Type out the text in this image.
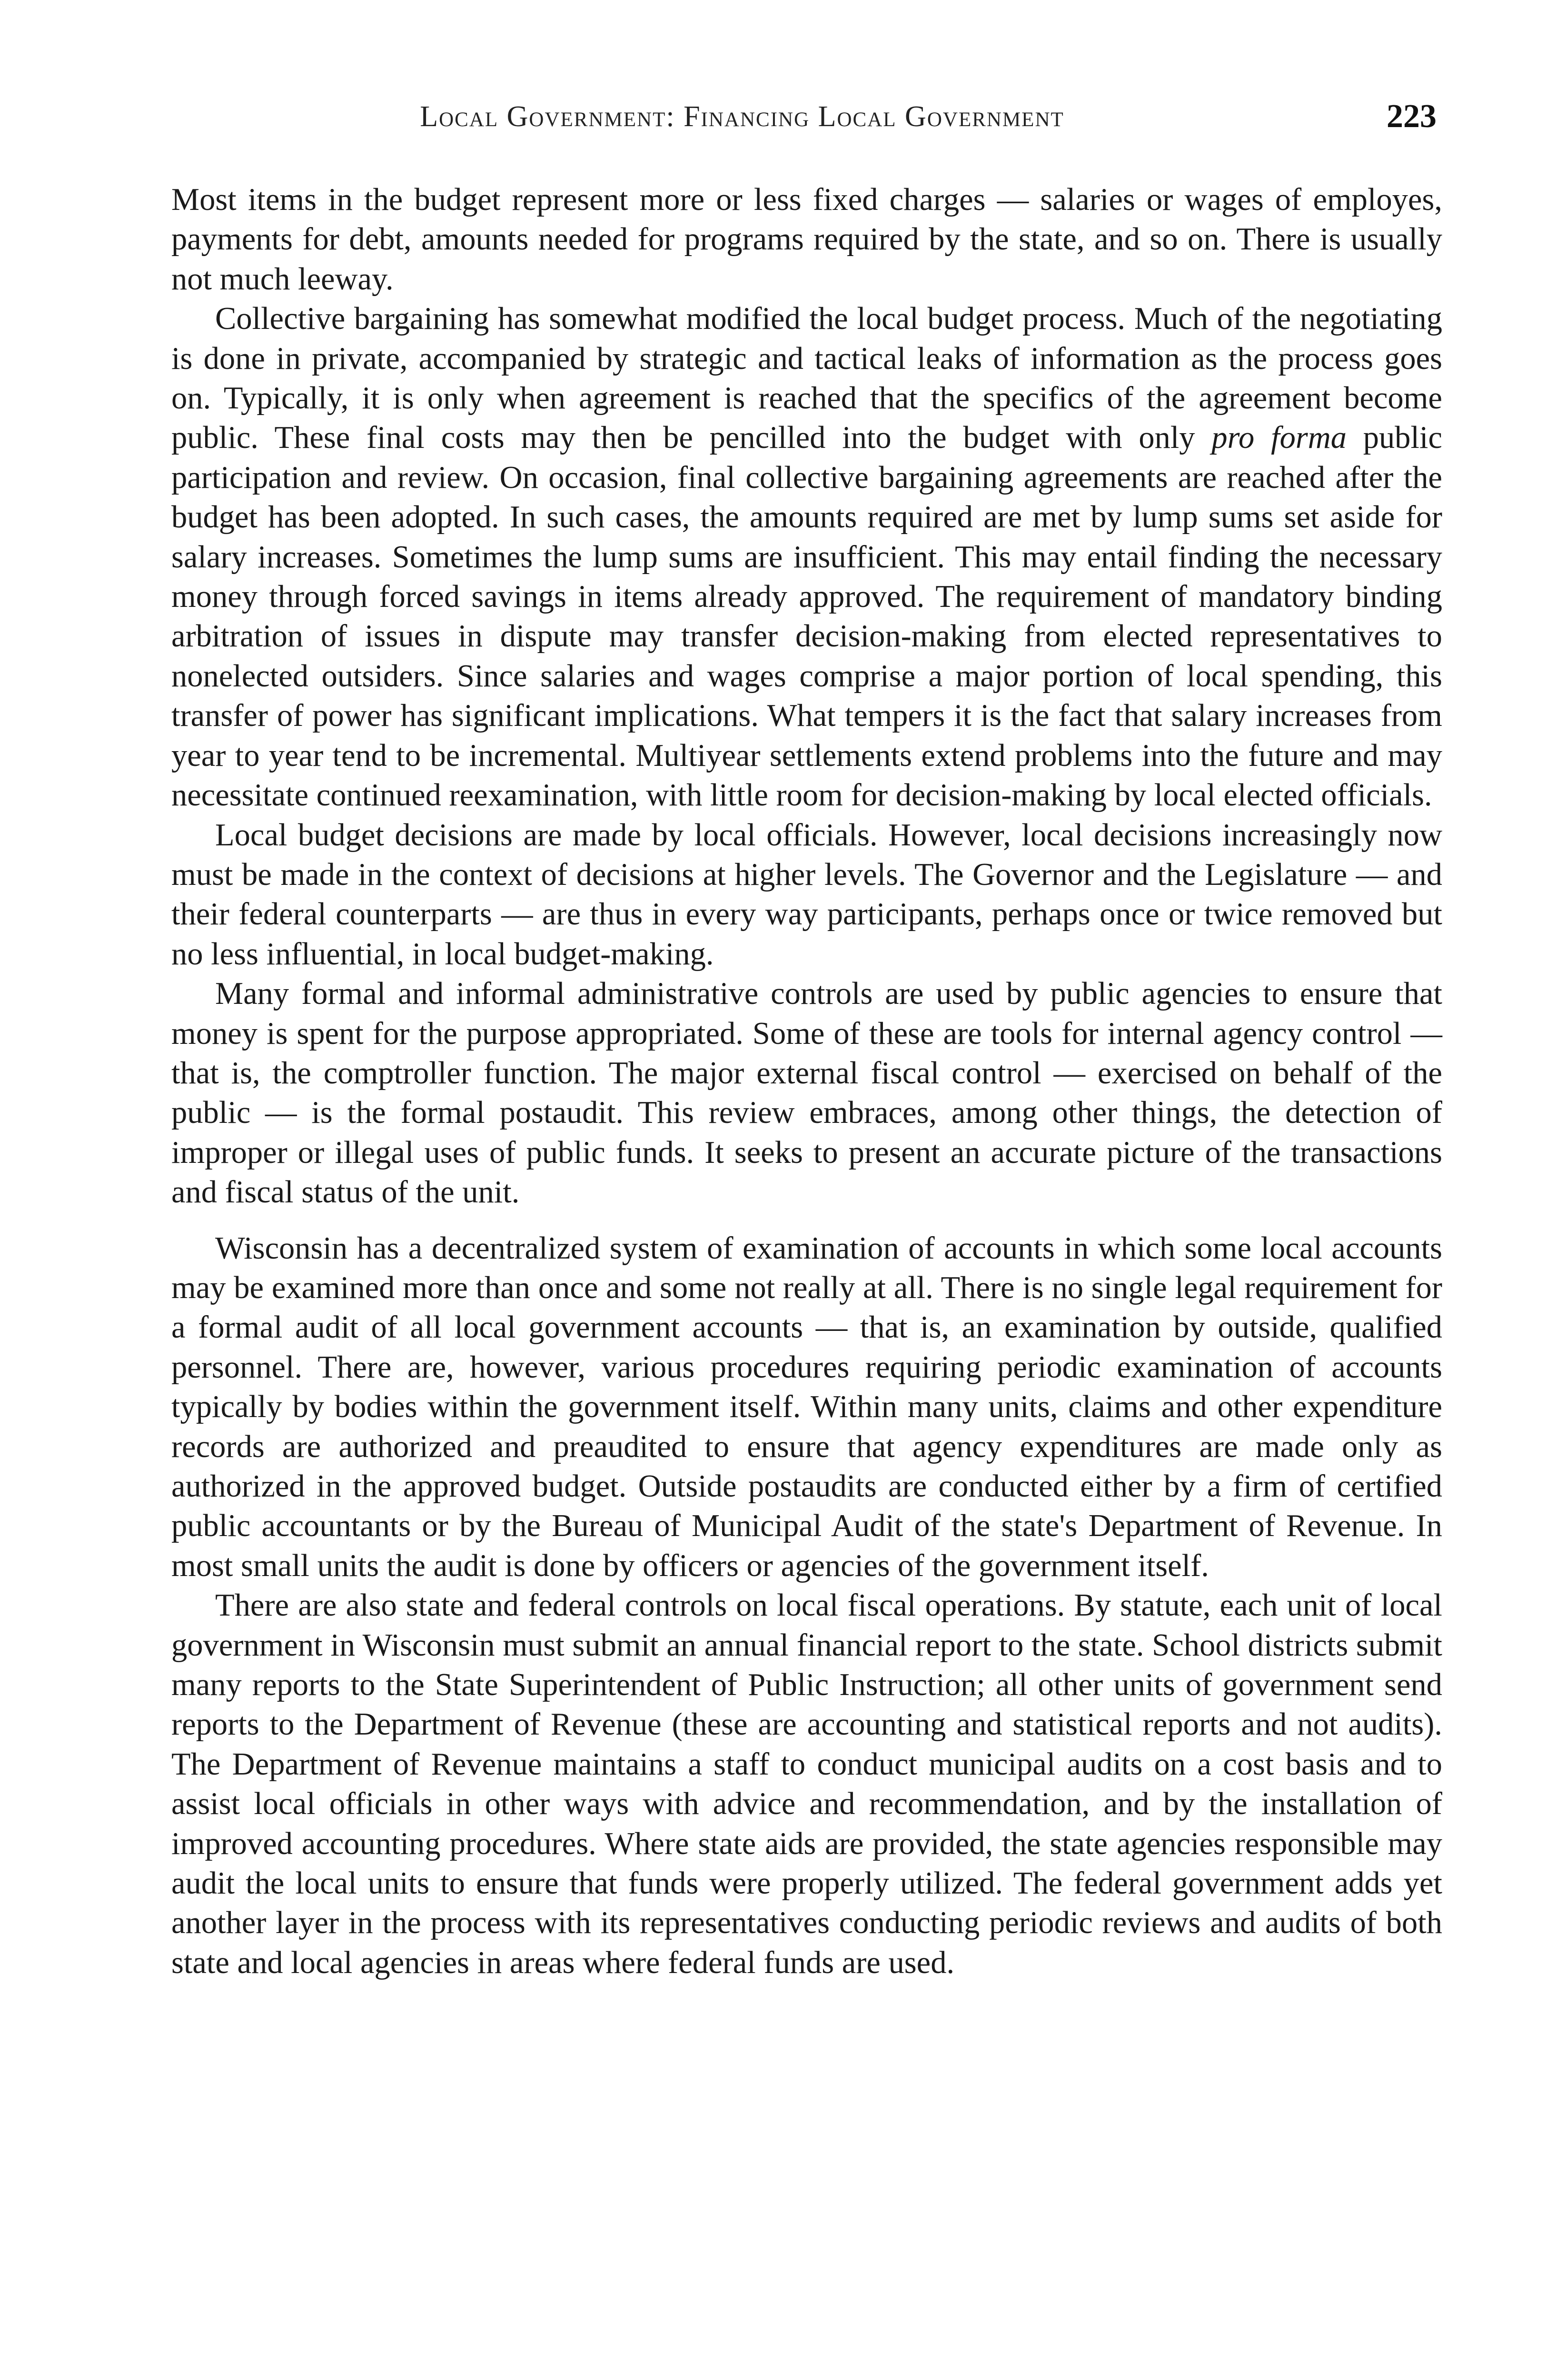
Local Government: Financing Local Government	223

Most items in the budget represent more or less fixed charges — salaries or wages of employes, payments for debt, amounts needed for programs required by the state, and so on. There is usually not much leeway.

Collective bargaining has somewhat modified the local budget process. Much of the negotiating is done in private, accompanied by strategic and tactical leaks of information as the process goes on. Typically, it is only when agreement is reached that the specifics of the agreement become public. These final costs may then be pencilled into the budget with only pro forma public participation and review. On occasion, final collective bargaining agreements are reached after the budget has been adopted. In such cases, the amounts required are met by lump sums set aside for salary increases. Sometimes the lump sums are insufficient. This may entail finding the necessary money through forced savings in items already approved. The requirement of mandatory binding arbitration of issues in dispute may transfer decision-making from elected representatives to nonelected outsiders. Since salaries and wages comprise a major portion of local spending, this transfer of power has significant implications. What tempers it is the fact that salary increases from year to year tend to be incremental. Multiyear settlements extend problems into the future and may necessitate continued reexamination, with little room for decision-making by local elected officials.

Local budget decisions are made by local officials. However, local decisions increasingly now must be made in the context of decisions at higher levels. The Governor and the Legislature — and their federal counterparts — are thus in every way participants, perhaps once or twice removed but no less influential, in local budget-making.

Many formal and informal administrative controls are used by public agencies to ensure that money is spent for the purpose appropriated. Some of these are tools for internal agency control — that is, the comptroller function. The major external fiscal control — exercised on behalf of the public — is the formal postaudit. This review embraces, among other things, the detection of improper or illegal uses of public funds. It seeks to present an accurate picture of the transactions and fiscal status of the unit.

Wisconsin has a decentralized system of examination of accounts in which some local accounts may be examined more than once and some not really at all. There is no single legal requirement for a formal audit of all local government accounts — that is, an examination by outside, qualified personnel. There are, however, various procedures requiring periodic examination of accounts typically by bodies within the government itself. Within many units, claims and other expenditure records are authorized and preaudited to ensure that agency expenditures are made only as authorized in the approved budget. Outside postaudits are conducted either by a firm of certified public accountants or by the Bureau of Municipal Audit of the state's Department of Revenue. In most small units the audit is done by officers or agencies of the government itself.

There are also state and federal controls on local fiscal operations. By statute, each unit of local government in Wisconsin must submit an annual financial report to the state. School districts submit many reports to the State Superintendent of Public Instruction; all other units of government send reports to the Department of Revenue (these are accounting and statistical reports and not audits). The Department of Revenue maintains a staff to conduct municipal audits on a cost basis and to assist local officials in other ways with advice and recommendation, and by the installation of improved accounting procedures. Where state aids are provided, the state agencies responsible may audit the local units to ensure that funds were properly utilized. The federal government adds yet another layer in the process with its representatives conducting periodic reviews and audits of both state and local agencies in areas where federal funds are used.
